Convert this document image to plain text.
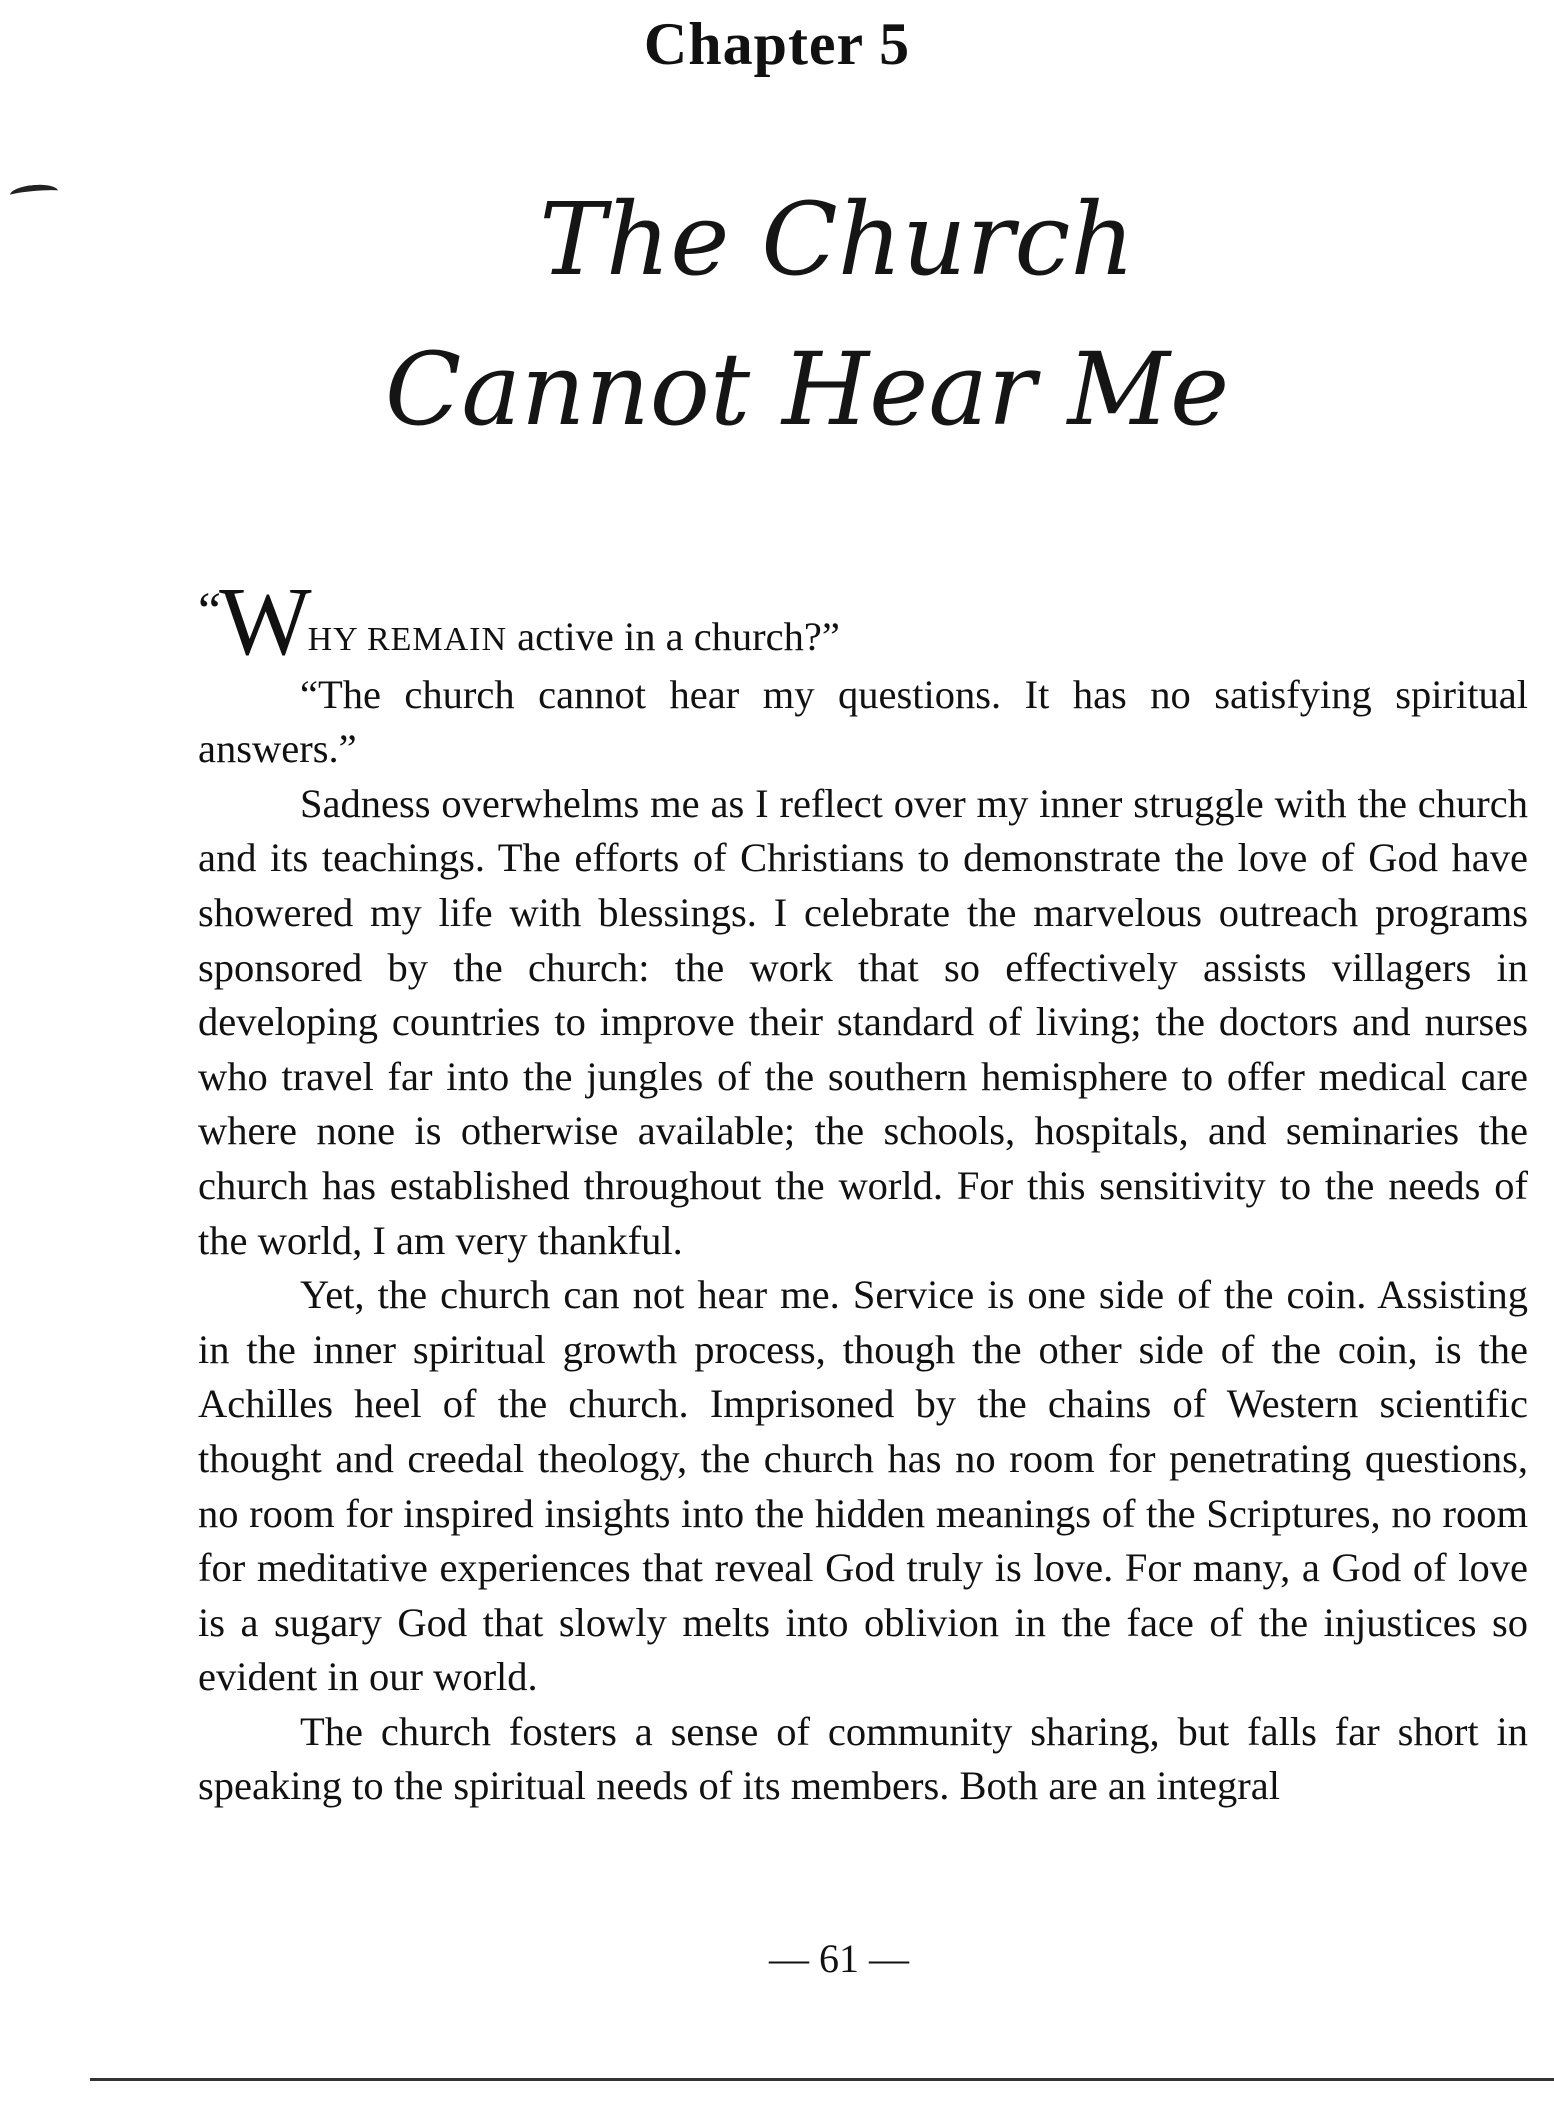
Chapter 5
The Church
Cannot Hear Me

“WHY REMAIN active in a church?”

“The church cannot hear my questions. It has no satisfying spiritual answers.”

Sadness overwhelms me as I reflect over my inner struggle with the church and its teachings. The efforts of Christians to demonstrate the love of God have showered my life with blessings. I celebrate the marvelous outreach programs sponsored by the church: the work that so effectively assists villagers in developing countries to improve their standard of living; the doctors and nurses who travel far into the jungles of the southern hemisphere to offer medical care where none is otherwise available; the schools, hospitals, and seminaries the church has established throughout the world. For this sensitivity to the needs of the world, I am very thankful.

Yet, the church can not hear me. Service is one side of the coin. Assisting in the inner spiritual growth process, though the other side of the coin, is the Achilles heel of the church. Imprisoned by the chains of Western scientific thought and creedal theology, the church has no room for penetrating questions, no room for inspired insights into the hidden meanings of the Scriptures, no room for meditative experiences that reveal God truly is love. For many, a God of love is a sugary God that slowly melts into oblivion in the face of the injustices so evident in our world.

The church fosters a sense of community sharing, but falls far short in speaking to the spiritual needs of its members. Both are an integral

— 61 —
